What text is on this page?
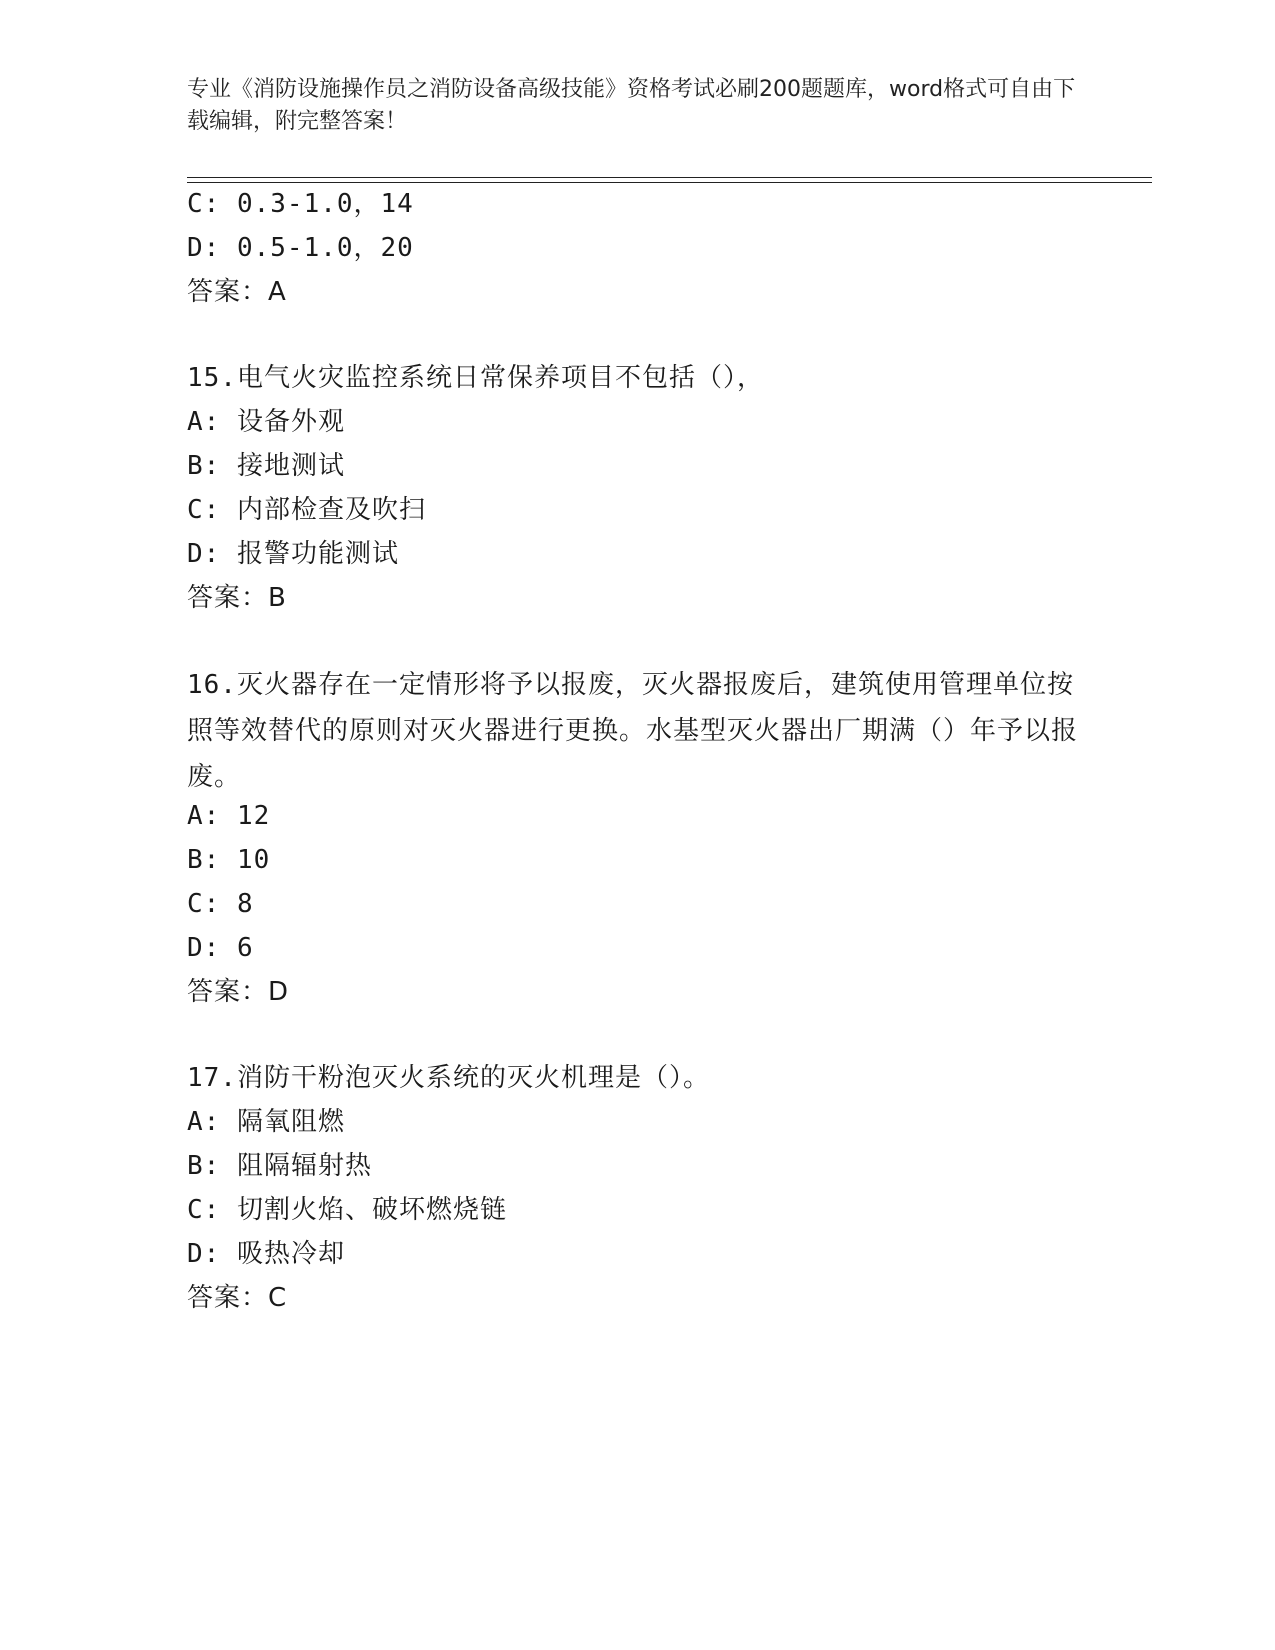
专业《消防设施操作员之消防设备高级技能》资格考试必刷200题题库，word格式可自由下载编辑，附完整答案！
C: 0.3-1.0，14
D: 0.5-1.0，20
答案：A
15.电气火灾监控系统日常保养项目不包括（），
A: 设备外观
B: 接地测试
C: 内部检查及吹扫
D: 报警功能测试
答案：B
16.灭火器存在一定情形将予以报废，灭火器报废后，建筑使用管理单位按照等效替代的原则对灭火器进行更换。水基型灭火器出厂期满（）年予以报废。
A: 12
B: 10
C: 8
D: 6
答案：D
17.消防干粉泡灭火系统的灭火机理是（）。
A: 隔氧阻燃
B: 阻隔辐射热
C: 切割火焰、破坏燃烧链
D: 吸热冷却
答案：C
